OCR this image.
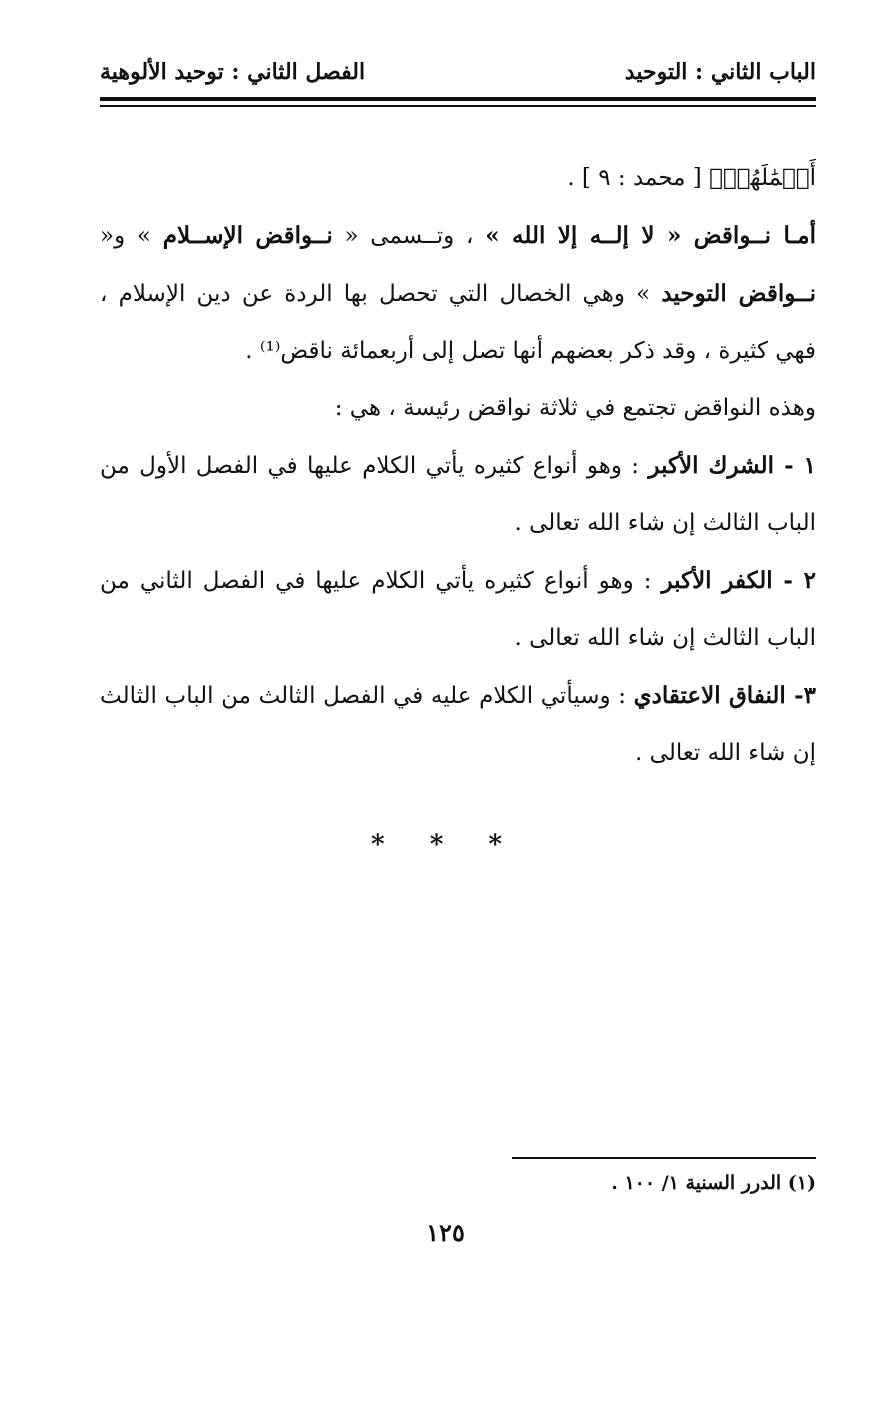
الباب الثاني : التوحيد
الفصل الثاني : توحيد الألوهية

أَعۡمَٰلَهُمۡ﴾ [ محمد : ٩ ] .

أمـا نــواقض « لا إلــه إلا الله » ، وتــسمى « نــواقض الإســلام » و« نــواقض التوحيد » وهي الخصال التي تحصل بها الردة عن دين الإسلام ، فهي كثيرة ، وقد ذكر بعضهم أنها تصل إلى أربعمائة ناقض⁽¹⁾ .

وهذه النواقض تجتمع في ثلاثة نواقض رئيسة ، هي :

١ - الشرك الأكبر : وهو أنواع كثيره يأتي الكلام عليها في الفصل الأول من الباب الثالث إن شاء الله تعالى .

٢ - الكفر الأكبر : وهو أنواع كثيره يأتي الكلام عليها في الفصل الثاني من الباب الثالث إن شاء الله تعالى .

٣- النفاق الاعتقادي : وسيأتي الكلام عليه في الفصل الثالث من الباب الثالث إن شاء الله تعالى .

* * *
(١) الدرر السنية ١/ ١٠٠ .
١٢٥
